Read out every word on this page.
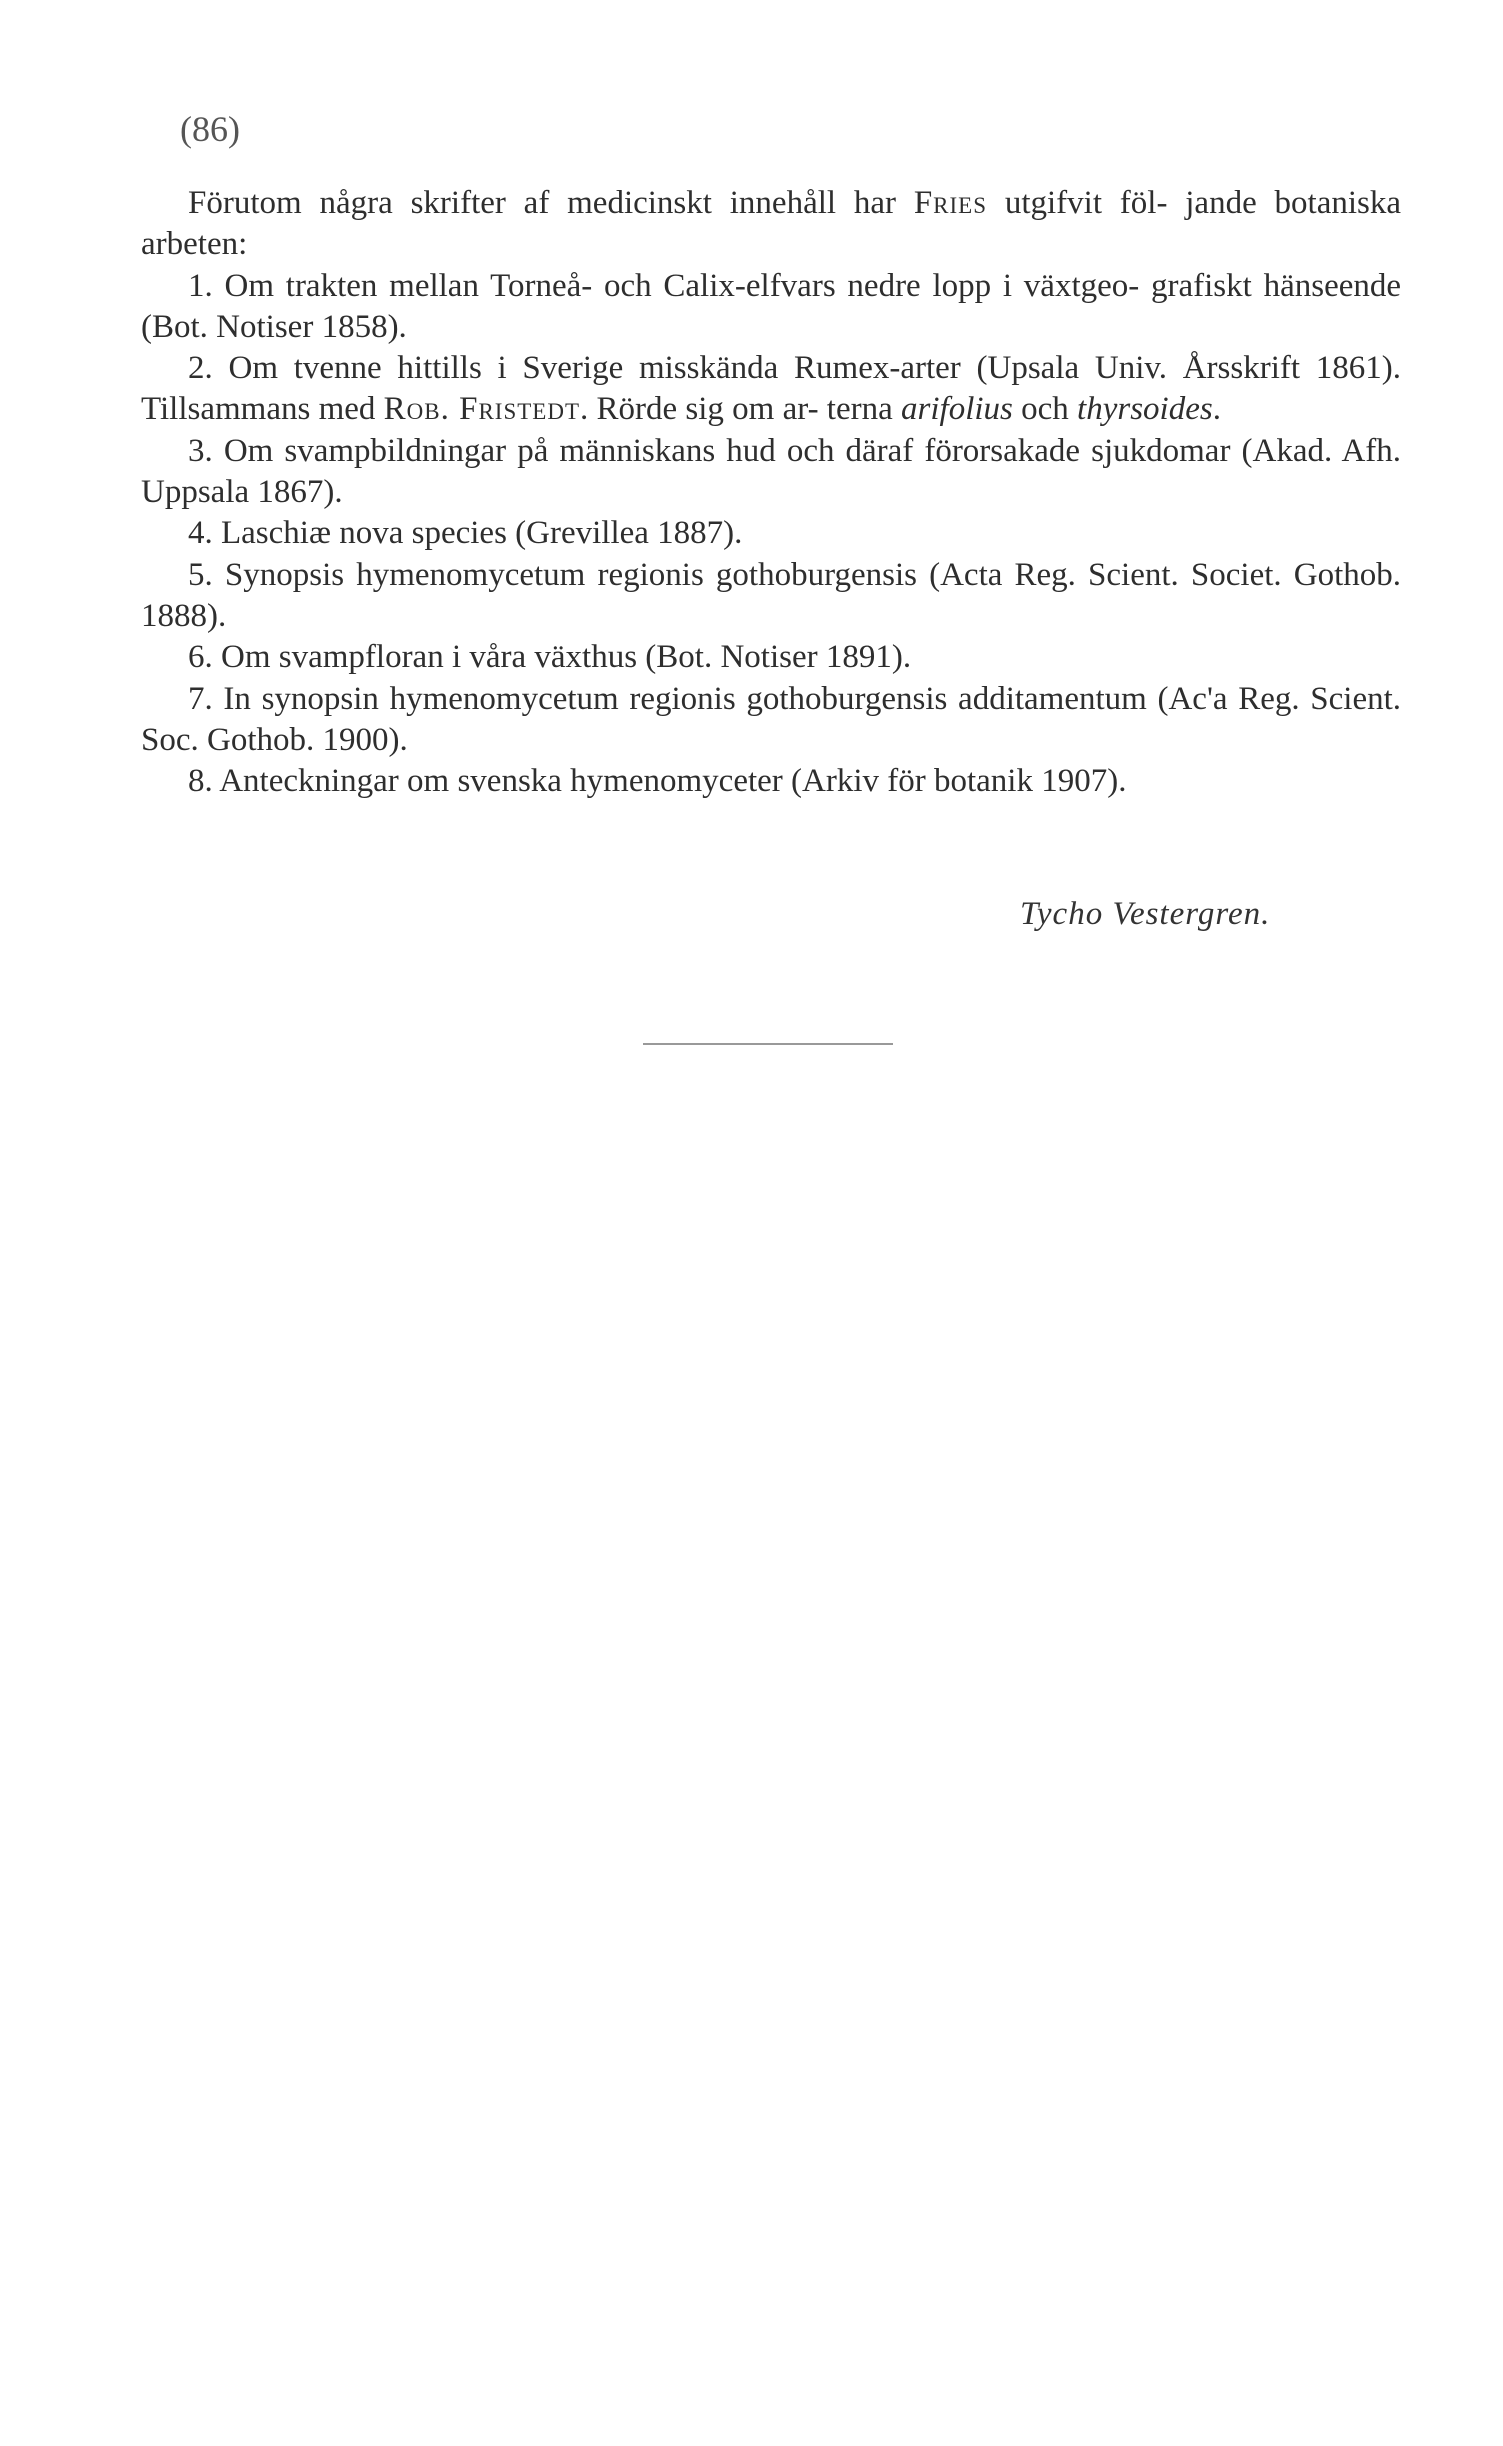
(86)

Förutom några skrifter af medicinskt innehåll har Fries utgifvit föl- jande botaniska arbeten:

1. Om trakten mellan Torneå- och Calix-elfvars nedre lopp i växtgeo- grafiskt hänseende (Bot. Notiser 1858).

2. Om tvenne hittills i Sverige misskända Rumex-arter (Upsala Univ. Årsskrift 1861). Tillsammans med Rob. Fristedt. Rörde sig om ar- terna arifolius och thyrsoides.

3. Om svampbildningar på människans hud och däraf förorsakade sjukdomar (Akad. Afh. Uppsala 1867).

4. Laschiæ nova species (Grevillea 1887).

5. Synopsis hymenomycetum regionis gothoburgensis (Acta Reg. Scient. Societ. Gothob. 1888).

6. Om svampfloran i våra växthus (Bot. Notiser 1891).

7. In synopsin hymenomycetum regionis gothoburgensis additamentum (Ac'a Reg. Scient. Soc. Gothob. 1900).

8. Anteckningar om svenska hymenomyceter (Arkiv för botanik 1907).

Tycho Vestergren.
